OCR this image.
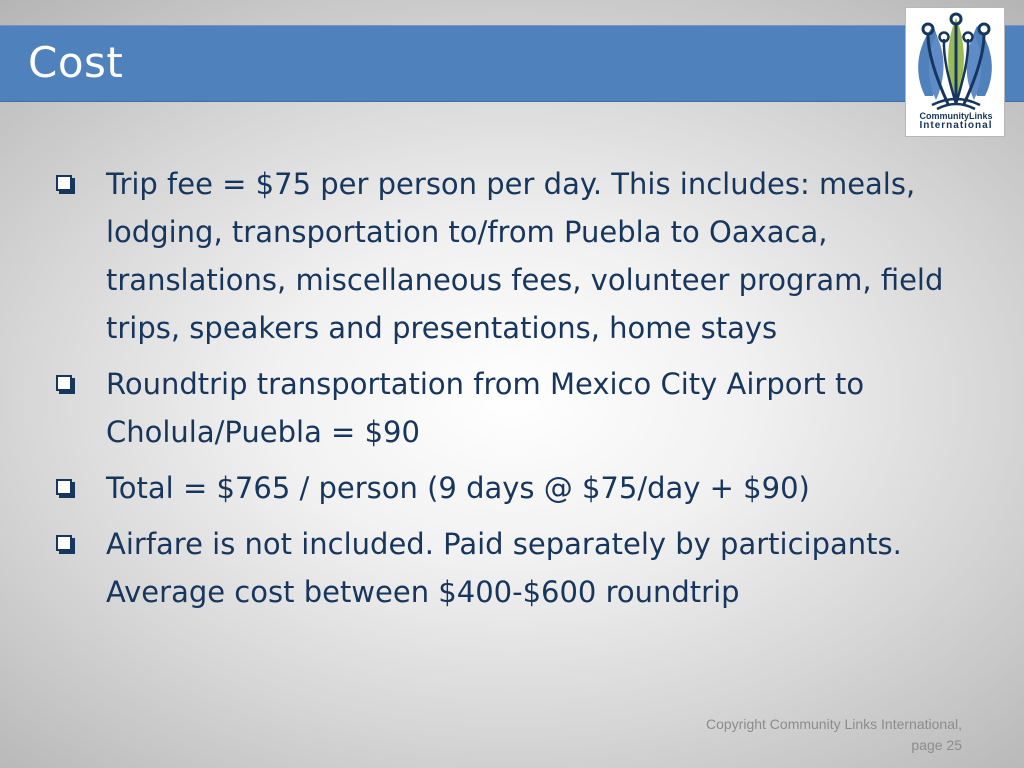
Cost
CommunityLinks
International
Trip fee = $75 per person per day. This includes: meals, lodging, transportation to/from Puebla to Oaxaca, translations, miscellaneous fees, volunteer program, field trips, speakers and presentations, home stays
Roundtrip transportation from Mexico City Airport to Cholula/Puebla = $90
Total = $765 / person (9 days @ $75/day + $90)
Airfare is not included. Paid separately by participants. Average cost between $400-$600 roundtrip

Copyright Community Links International, page 25
